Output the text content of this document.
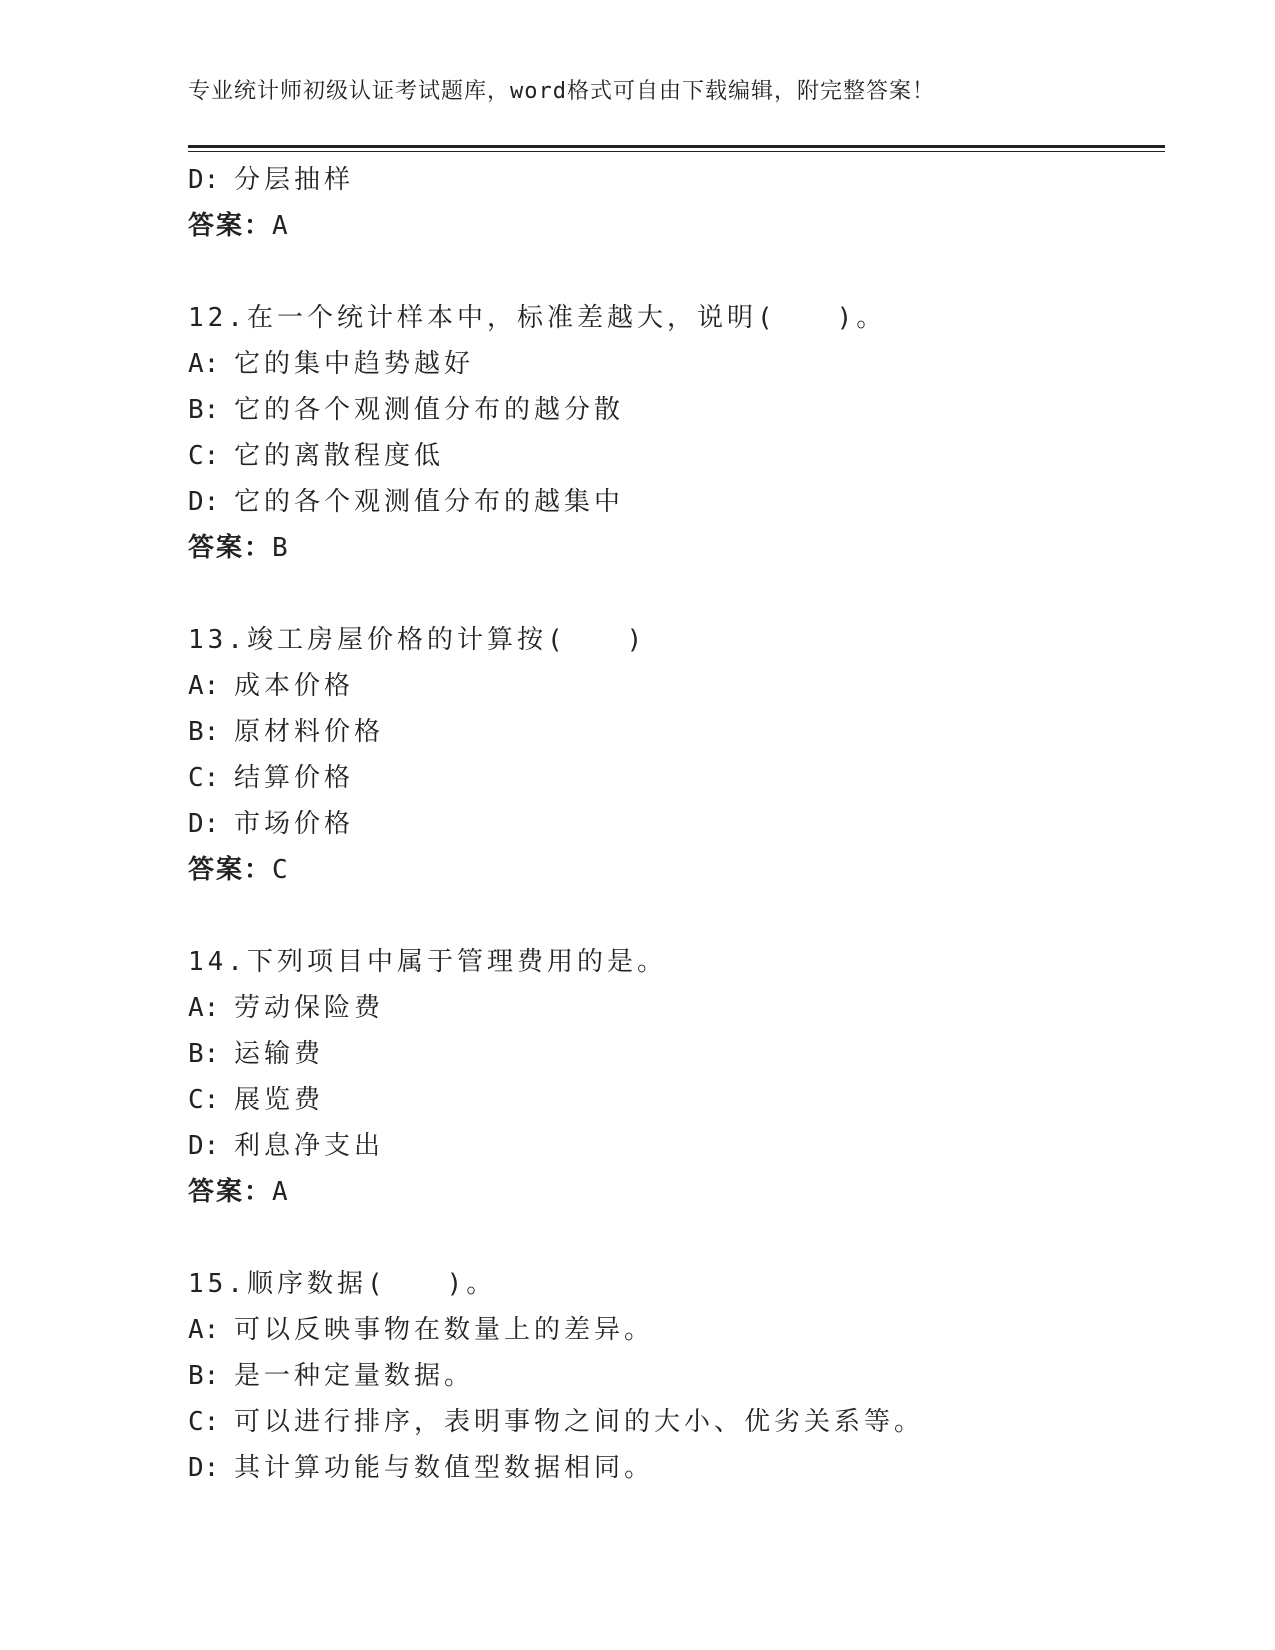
专业统计师初级认证考试题库，word格式可自由下载编辑，附完整答案！
D: 分层抽样
答案：A
12.在一个统计样本中，标准差越大，说明(　　)。
A: 它的集中趋势越好
B: 它的各个观测值分布的越分散
C: 它的离散程度低
D: 它的各个观测值分布的越集中
答案：B
13.竣工房屋价格的计算按(　　)
A: 成本价格
B: 原材料价格
C: 结算价格
D: 市场价格
答案：C
14.下列项目中属于管理费用的是。
A: 劳动保险费
B: 运输费
C: 展览费
D: 利息净支出
答案：A
15.顺序数据(　　)。
A: 可以反映事物在数量上的差异。
B: 是一种定量数据。
C: 可以进行排序，表明事物之间的大小、优劣关系等。
D: 其计算功能与数值型数据相同。
